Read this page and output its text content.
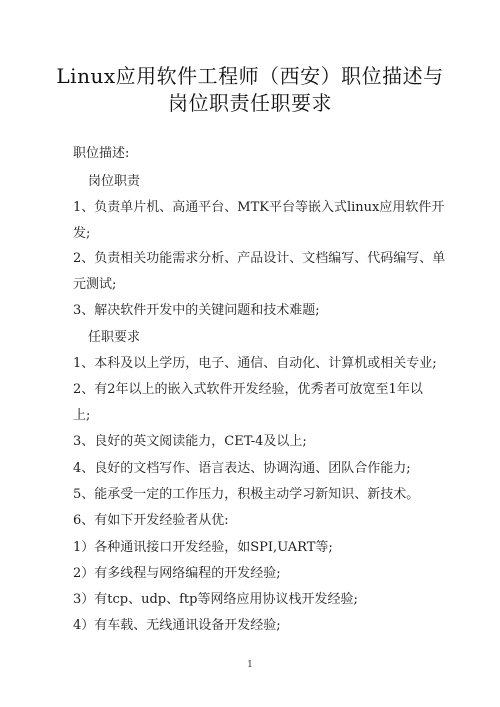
Linux应用软件工程师（西安）职位描述与
岗位职责任职要求
职位描述:
岗位职责
1、负责单片机、高通平台、MTK平台等嵌入式linux应用软件开
发;
2、负责相关功能需求分析、产品设计、文档编写、代码编写、单
元测试;
3、解决软件开发中的关键问题和技术难题;
任职要求
1、本科及以上学历，电子、通信、自动化、计算机或相关专业;
2、有2年以上的嵌入式软件开发经验，优秀者可放宽至1年以
上;
3、良好的英文阅读能力，CET-4及以上;
4、良好的文档写作、语言表达、协调沟通、团队合作能力;
5、能承受一定的工作压力，积极主动学习新知识、新技术。
6、有如下开发经验者从优:
1）各种通讯接口开发经验，如SPI,UART等;
2）有多线程与网络编程的开发经验;
3）有tcp、udp、ftp等网络应用协议栈开发经验;
4）有车载、无线通讯设备开发经验;
1
